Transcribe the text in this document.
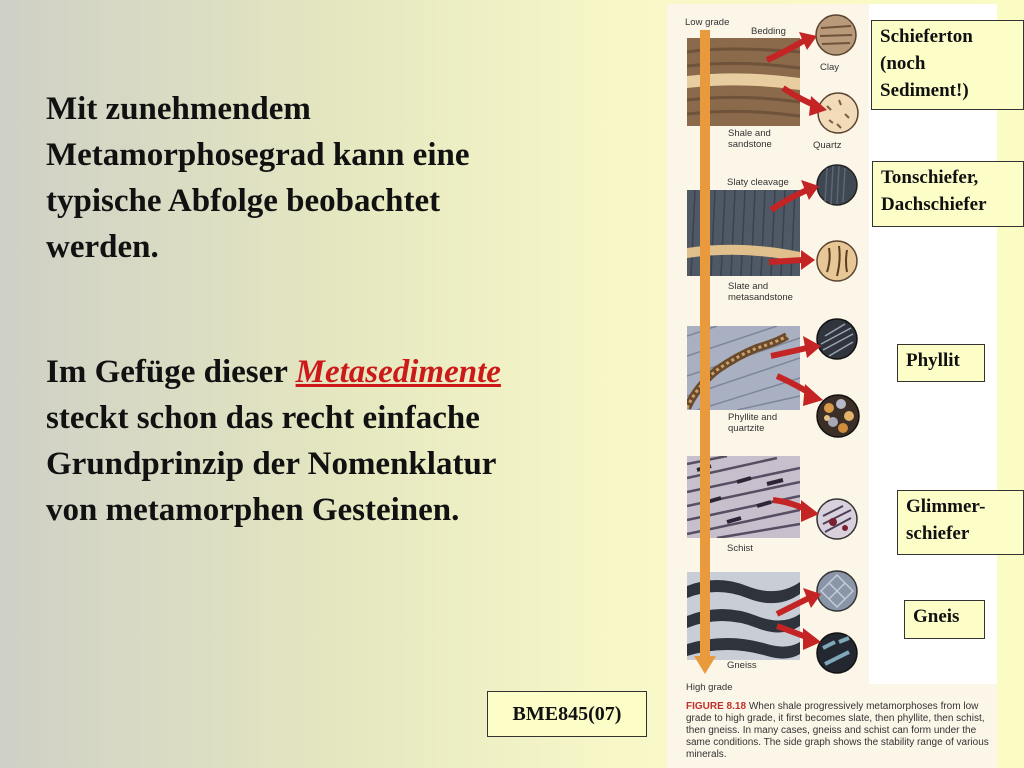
Mit zunehmendem
Metamorphosegrad kann eine
typische Abfolge beobachtet
werden.
Im Gefüge dieser Metasedimente
steckt schon das recht einfache
Grundprinzip der Nomenklatur
von metamorphen Gesteinen.
BME845(07)
Low grade
Bedding
Clay
Shale and
sandstone	Quartz
Slaty cleavage
Slate and
metasandstone
Phyllite and
quartzite
Schist
Gneiss
High grade
FIGURE 8.18 When shale progressively metamorphoses from low grade to high grade, it first becomes slate, then phyllite, then schist, then gneiss. In many cases, gneiss and schist can form under the same conditions. The side graph shows the stability range of various minerals.
Schieferton
(noch
Sediment!)
Tonschiefer,
Dachschiefer
Phyllit
Glimmer-
schiefer
Gneis
